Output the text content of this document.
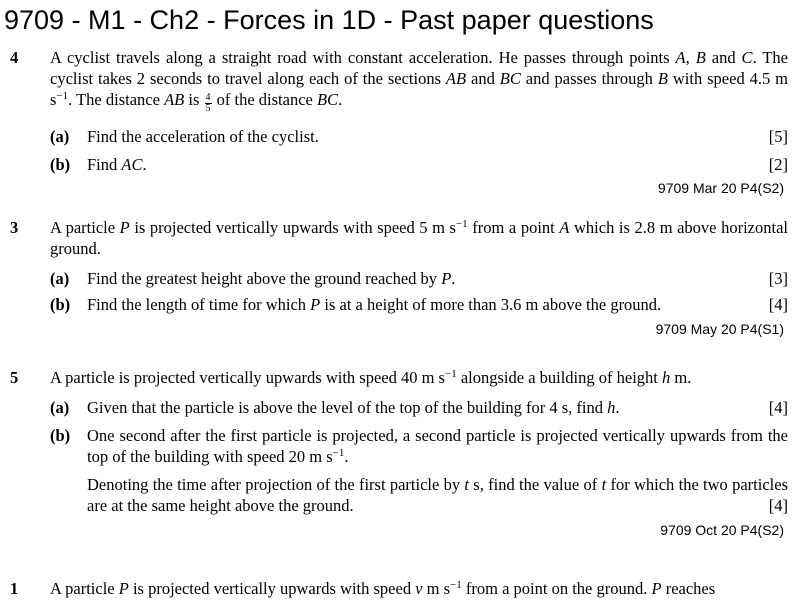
9709 - M1 - Ch2 - Forces in 1D - Past paper questions
4 A cyclist travels along a straight road with constant acceleration. He passes through points A, B and C. The cyclist takes 2 seconds to travel along each of the sections AB and BC and passes through B with speed 4.5 m $s^{-1}$. The distance AB is $\frac{4}{5}$ of the distance BC.
(a) Find the acceleration of the cyclist.	[5]
(b) Find AC.	[2]
9709 Mar 20 P4(S2)
3 A particle P is projected vertically upwards with speed 5 m $s^{-1}$ from a point A which is 2.8 m above horizontal ground.
(a) Find the greatest height above the ground reached by P.	[3]
(b) Find the length of time for which P is at a height of more than 3.6 m above the ground.	[4]
9709 May 20 P4(S1)
5 A particle is projected vertically upwards with speed 40 m $s^{-1}$ alongside a building of height h m.
(a) Given that the particle is above the level of the top of the building for 4 s, find h.	[4]
(b) One second after the first particle is projected, a second particle is projected vertically upwards from the top of the building with speed 20 m $s^{-1}$.
Denoting the time after projection of the first particle by t s, find the value of t for which the two particles are at the same height above the ground.	[4]
9709 Oct 20 P4(S2)
1 A particle P is projected vertically upwards with speed v m $s^{-1}$ from a point on the ground. P reaches
